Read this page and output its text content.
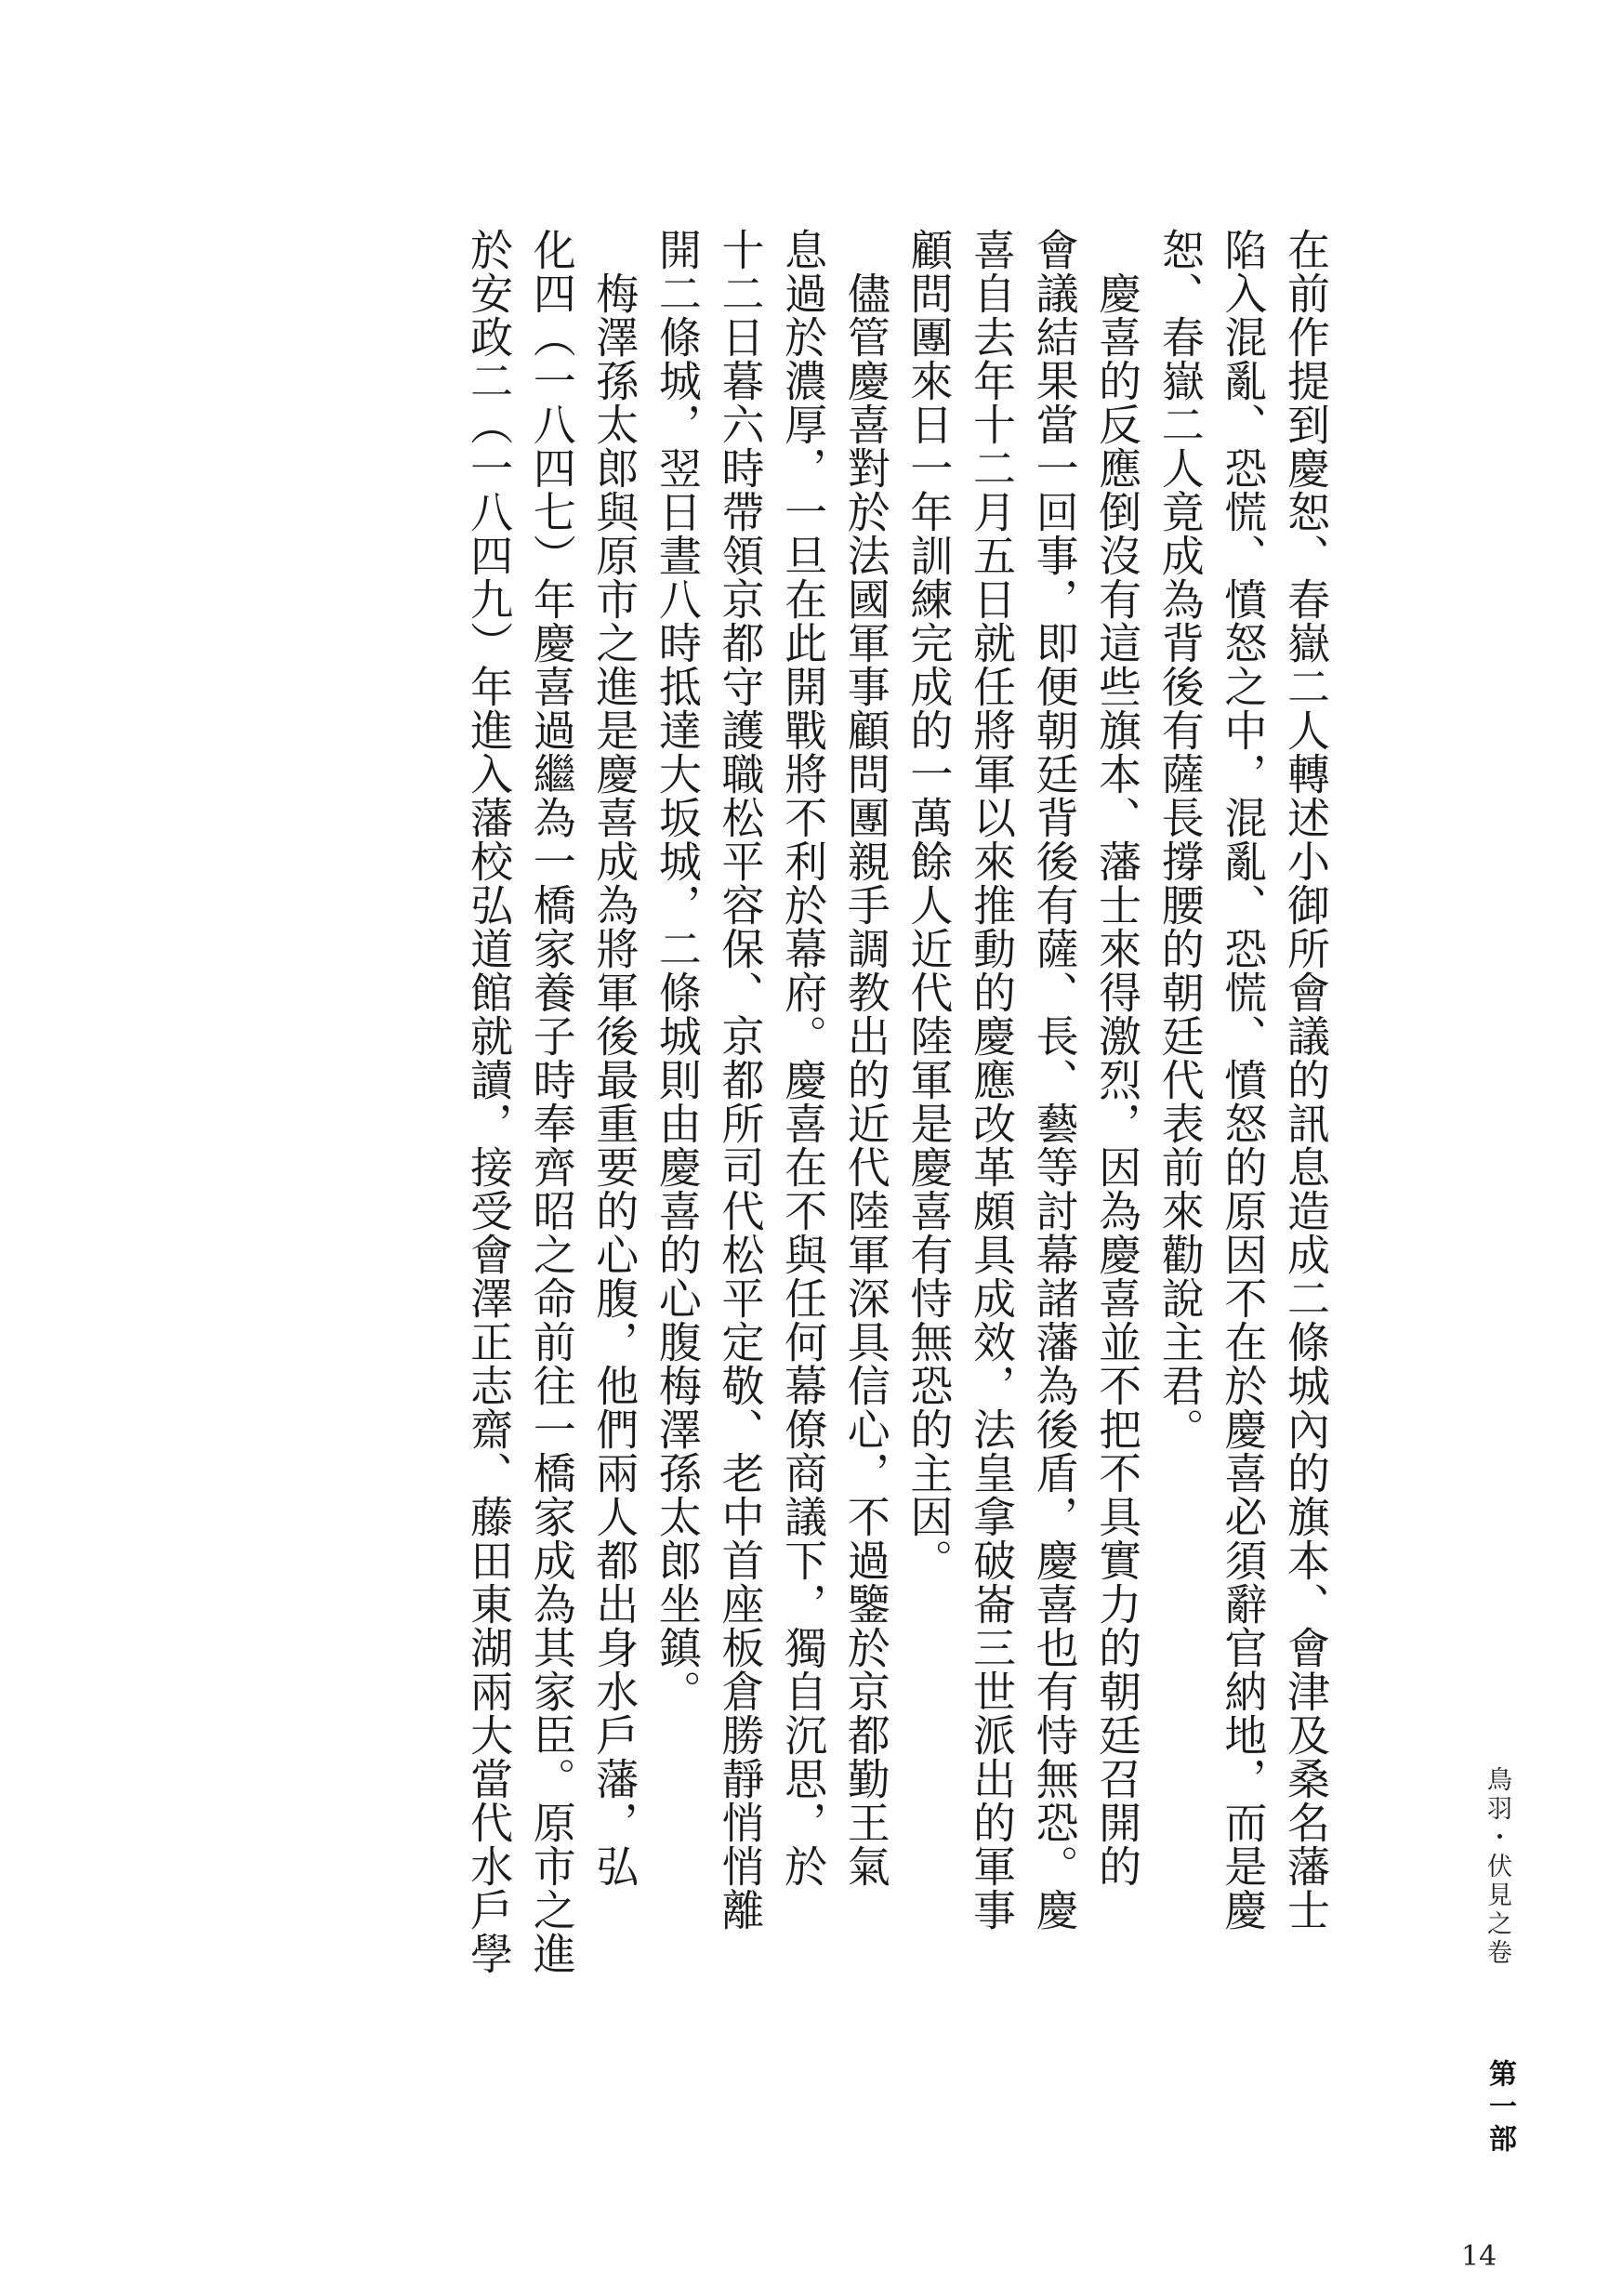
在前作提到慶恕、春嶽二人轉述小御所會議的訊息造成二條城內的旗本、會津及桑名藩士
陷入混亂、恐慌、憤怒之中，混亂、恐慌、憤怒的原因不在於慶喜必須辭官納地，而是慶
恕、春嶽二人竟成為背後有薩長撐腰的朝廷代表前來勸說主君。
　慶喜的反應倒沒有這些旗本、藩士來得激烈，因為慶喜並不把不具實力的朝廷召開的
會議結果當一回事，即便朝廷背後有薩、長、藝等討幕諸藩為後盾，慶喜也有恃無恐。慶
喜自去年十二月五日就任將軍以來推動的慶應改革頗具成效，法皇拿破崙三世派出的軍事
顧問團來日一年訓練完成的一萬餘人近代陸軍是慶喜有恃無恐的主因。
　儘管慶喜對於法國軍事顧問團親手調教出的近代陸軍深具信心，不過鑒於京都勤王氣
息過於濃厚，一旦在此開戰將不利於幕府。慶喜在不與任何幕僚商議下，獨自沉思，於
十二日暮六時帶領京都守護職松平容保、京都所司代松平定敬、老中首座板倉勝靜悄悄離
開二條城，翌日晝八時抵達大坂城，二條城則由慶喜的心腹梅澤孫太郎坐鎮。
　梅澤孫太郎與原市之進是慶喜成為將軍後最重要的心腹，他們兩人都出身水戶藩，弘
化四（一八四七）年慶喜過繼為一橋家養子時奉齊昭之命前往一橋家成為其家臣。原市之進
於安政二（一八四九）年進入藩校弘道館就讀，接受會澤正志齋、藤田東湖兩大當代水戶學	鳥羽・伏見之卷
第一部
14
